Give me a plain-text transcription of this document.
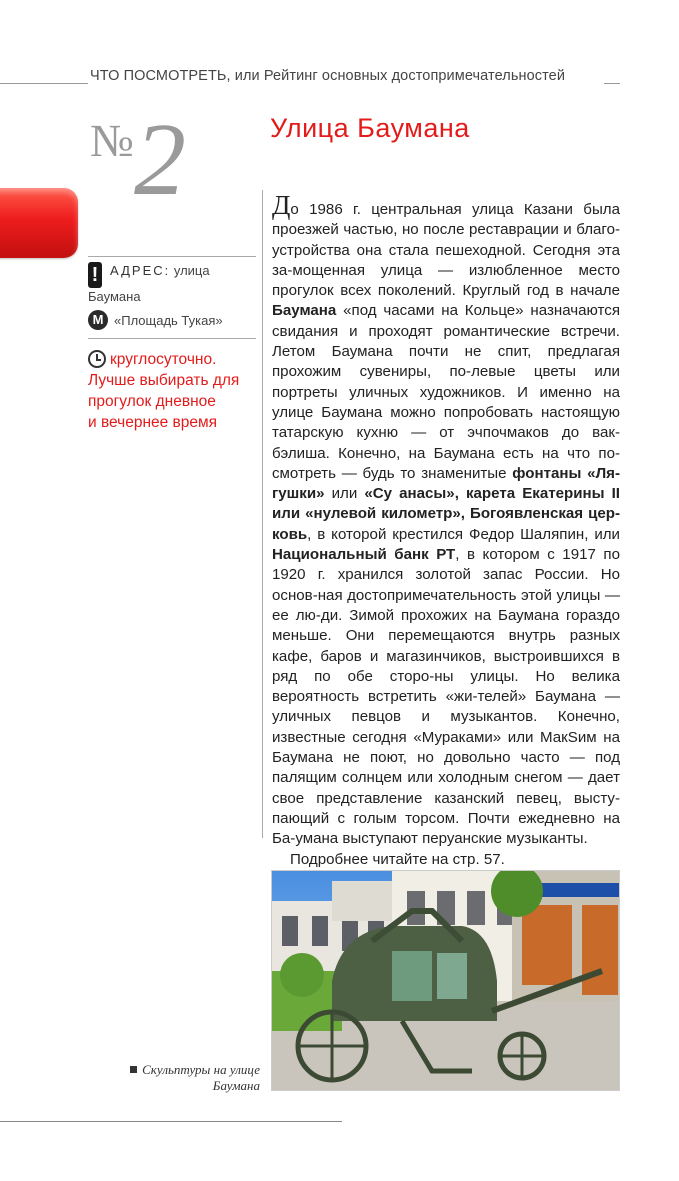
ЧТО ПОСМОТРЕТЬ, или Рейтинг основных достопримечательностей
№ 2	Улица Баумана
! АДРЕС: улица
Баумана
М «Площадь Тукая»
круглосуточно.
Лучше выбирать для
прогулок дневное
и вечернее время

До 1986 г. центральная улица Казани была проезжей частью, но после реставрации и благо-устройства она стала пешеходной. Сегодня эта за-мощенная улица — излюбленное место прогулок всех поколений. Круглый год в начале Баумана «под часами на Кольце» назначаются свидания и проходят романтические встречи. Летом Баумана почти не спит, предлагая прохожим сувениры, по-левые цветы или портреты уличных художников. И именно на улице Баумана можно попробовать настоящую татарскую кухню — от эчпочмаков до вак-бэлиша. Конечно, на Баумана есть на что по-смотреть — будь то знаменитые фонтаны «Ля-гушки» или «Су анасы», карета Екатерины II или «нулевой километр», Богоявленская цер-ковь, в которой крестился Федор Шаляпин, или Национальный банк РТ, в котором с 1917 по 1920 г. хранился золотой запас России. Но основ-ная достопримечательность этой улицы — ее лю-ди. Зимой прохожих на Баумана гораздо меньше. Они перемещаются внутрь разных кафе, баров и магазинчиков, выстроившихся в ряд по обе сторо-ны улицы. Но велика вероятность встретить «жи-телей» Баумана — уличных певцов и музыкантов. Конечно, известные сегодня «Мураками» или МакSим на Баумана не поют, но довольно часто — под палящим солнцем или холодным снегом — дает свое представление казанский певец, высту-пающий с голым торсом. Почти ежедневно на Ба-умана выступают перуанские музыканты.

Подробнее читайте на стр. 57.

Скульптуры на улице
Баумана
